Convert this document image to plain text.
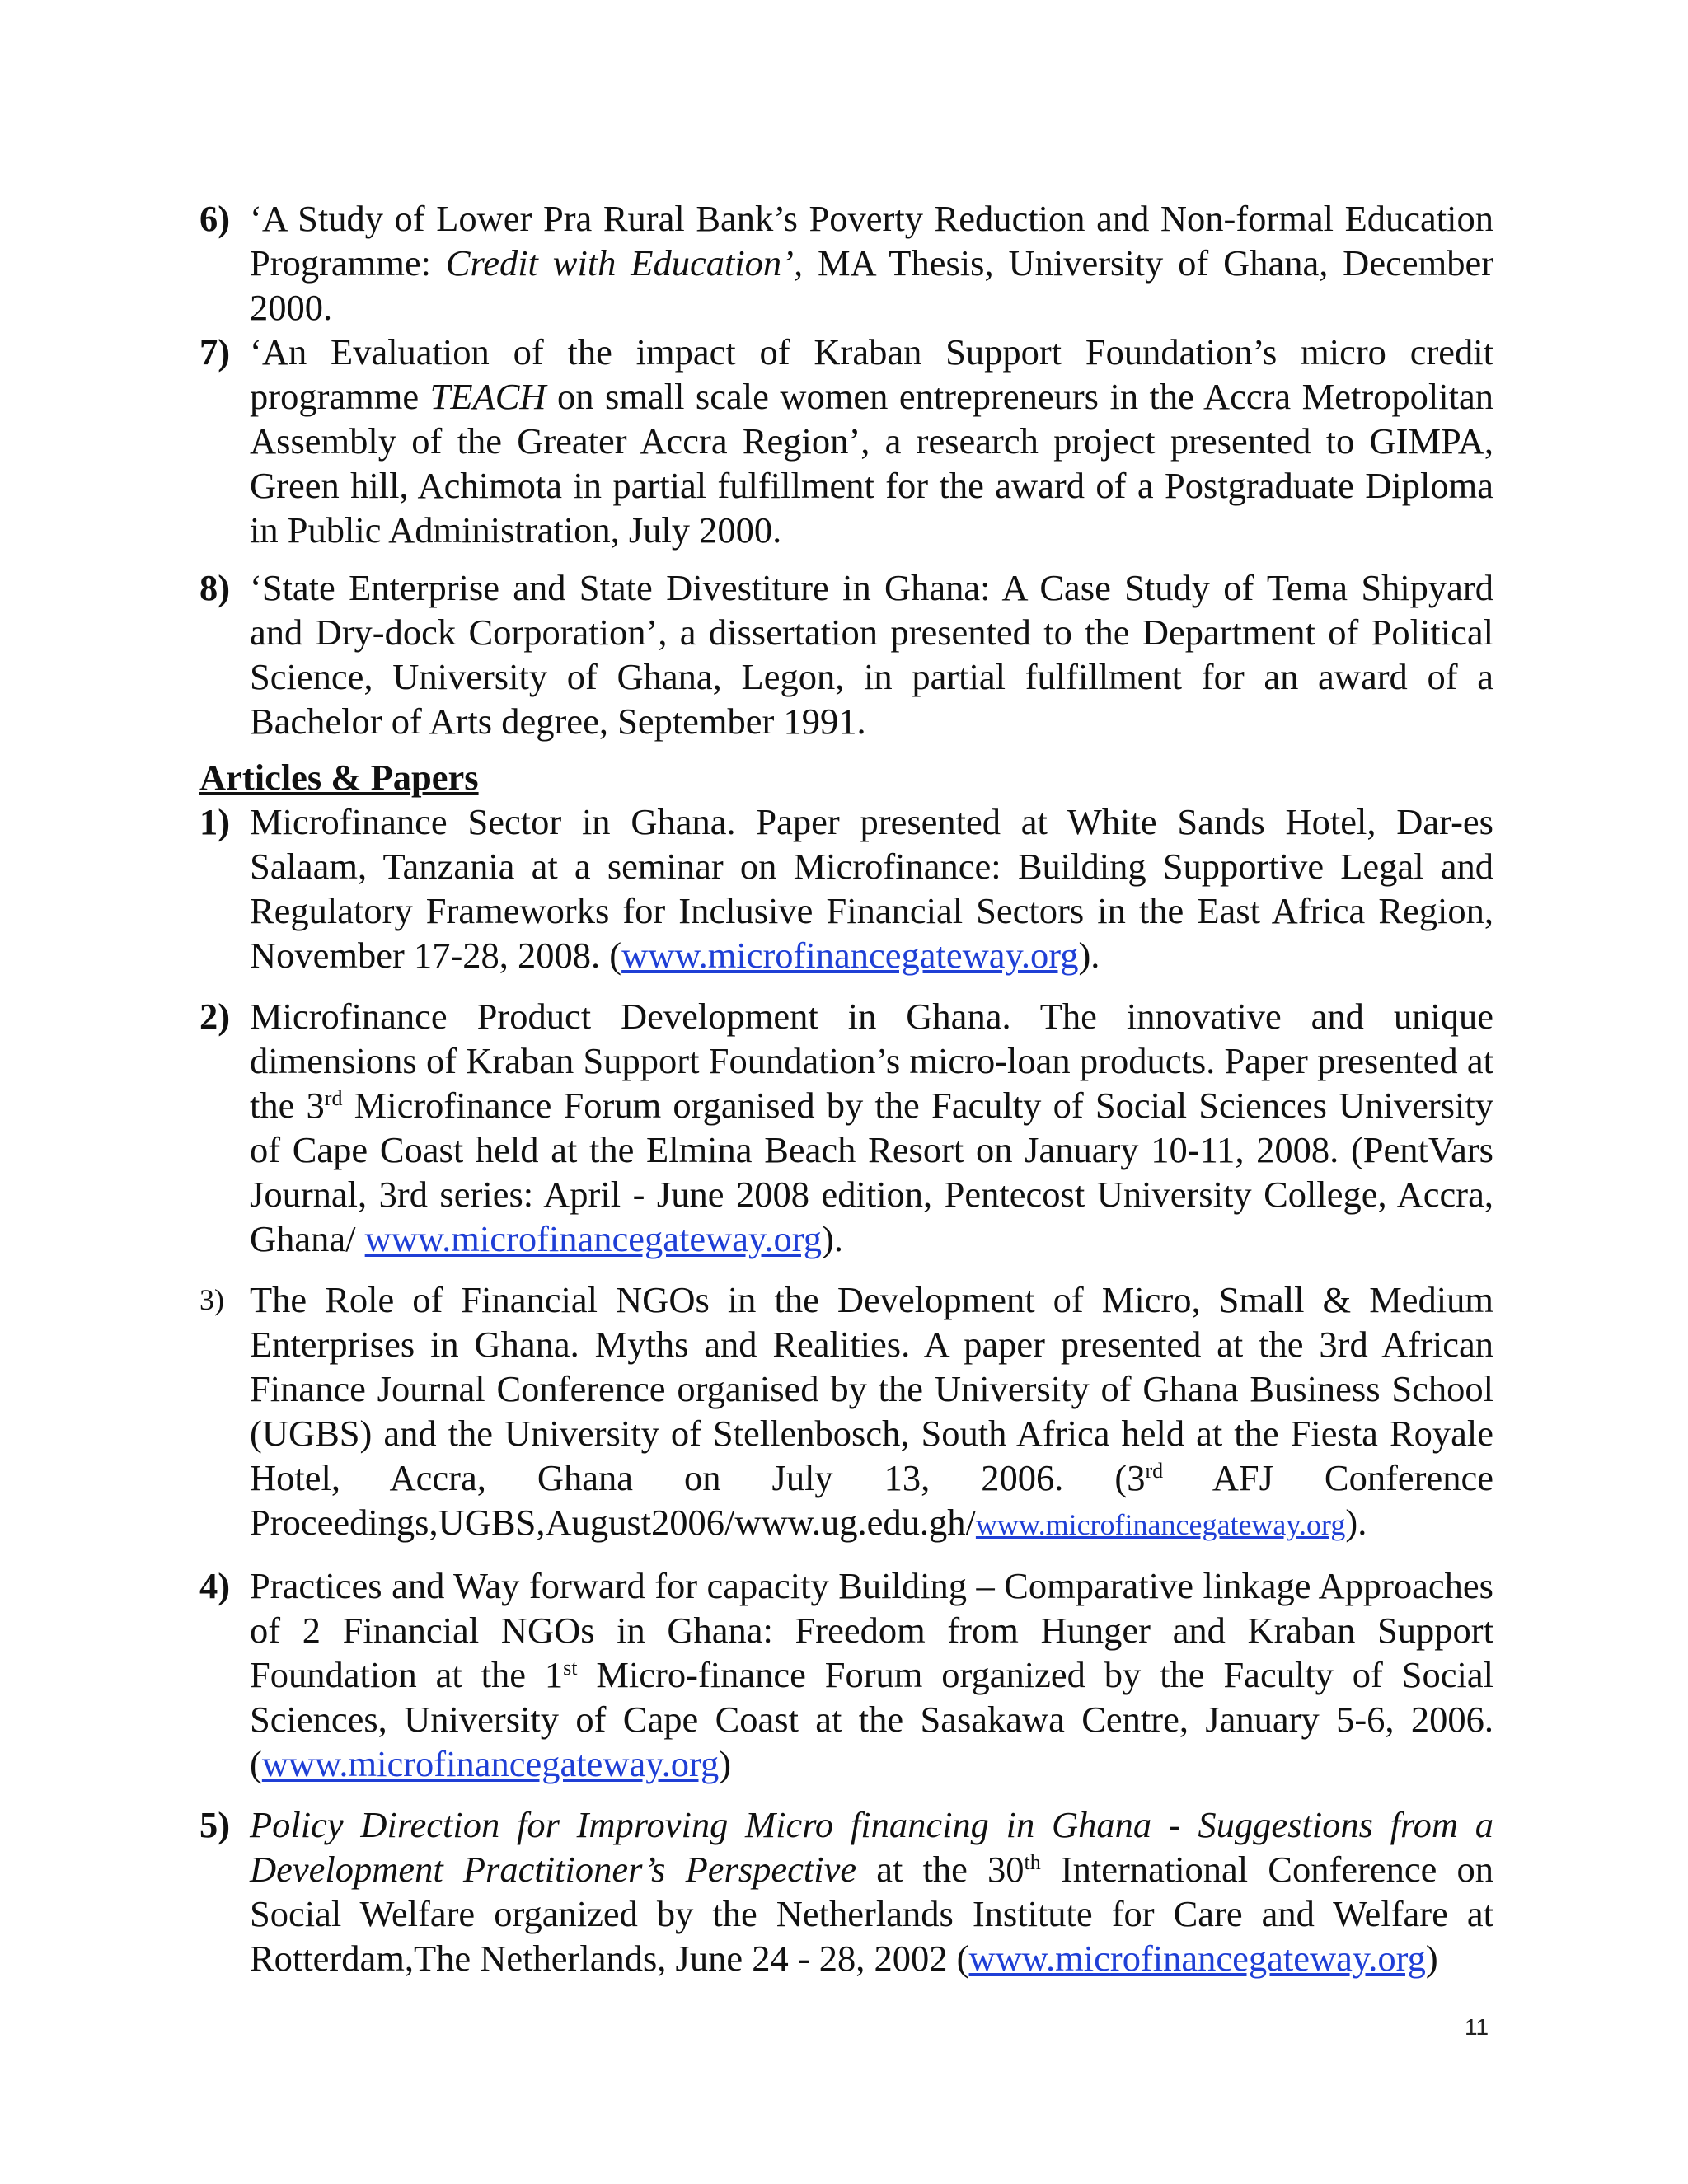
6) ‘A Study of Lower Pra Rural Bank’s Poverty Reduction and Non-formal Education Programme: Credit with Education’, MA Thesis, University of Ghana, December 2000.
7) ‘An Evaluation of the impact of Kraban Support Foundation’s micro credit programme TEACH on small scale women entrepreneurs in the Accra Metropolitan Assembly of the Greater Accra Region’, a research project presented to GIMPA, Green hill, Achimota in partial fulfillment for the award of a Postgraduate Diploma in Public Administration, July 2000.
8) ‘State Enterprise and State Divestiture in Ghana: A Case Study of Tema Shipyard and Dry-dock Corporation’, a dissertation presented to the Department of Political Science, University of Ghana, Legon, in partial fulfillment for an award of a Bachelor of Arts degree, September 1991.
Articles & Papers
1) Microfinance Sector in Ghana. Paper presented at White Sands Hotel, Dar-es Salaam, Tanzania at a seminar on Microfinance: Building Supportive Legal and Regulatory Frameworks for Inclusive Financial Sectors in the East Africa Region, November 17-28, 2008. (www.microfinancegateway.org).
2) Microfinance Product Development in Ghana. The innovative and unique dimensions of Kraban Support Foundation’s micro-loan products. Paper presented at the 3rd Microfinance Forum organised by the Faculty of Social Sciences University of Cape Coast held at the Elmina Beach Resort on January 10-11, 2008. (PentVars Journal, 3rd series: April - June 2008 edition, Pentecost University College, Accra, Ghana/ www.microfinancegateway.org).
3) The Role of Financial NGOs in the Development of Micro, Small & Medium Enterprises in Ghana. Myths and Realities. A paper presented at the 3rd African Finance Journal Conference organised by the University of Ghana Business School (UGBS) and the University of Stellenbosch, South Africa held at the Fiesta Royale Hotel, Accra, Ghana on July 13, 2006. (3rd AFJ Conference Proceedings,UGBS,August2006/www.ug.edu.gh/www.microfinancegateway.org).
4) Practices and Way forward for capacity Building – Comparative linkage Approaches of 2 Financial NGOs in Ghana: Freedom from Hunger and Kraban Support Foundation at the 1st Micro-finance Forum organized by the Faculty of Social Sciences, University of Cape Coast at the Sasakawa Centre, January 5-6, 2006. (www.microfinancegateway.org)
5) Policy Direction for Improving Micro financing in Ghana - Suggestions from a Development Practitioner’s Perspective at the 30th International Conference on Social Welfare organized by the Netherlands Institute for Care and Welfare at Rotterdam,The Netherlands, June 24 - 28, 2002 (www.microfinancegateway.org)
11
